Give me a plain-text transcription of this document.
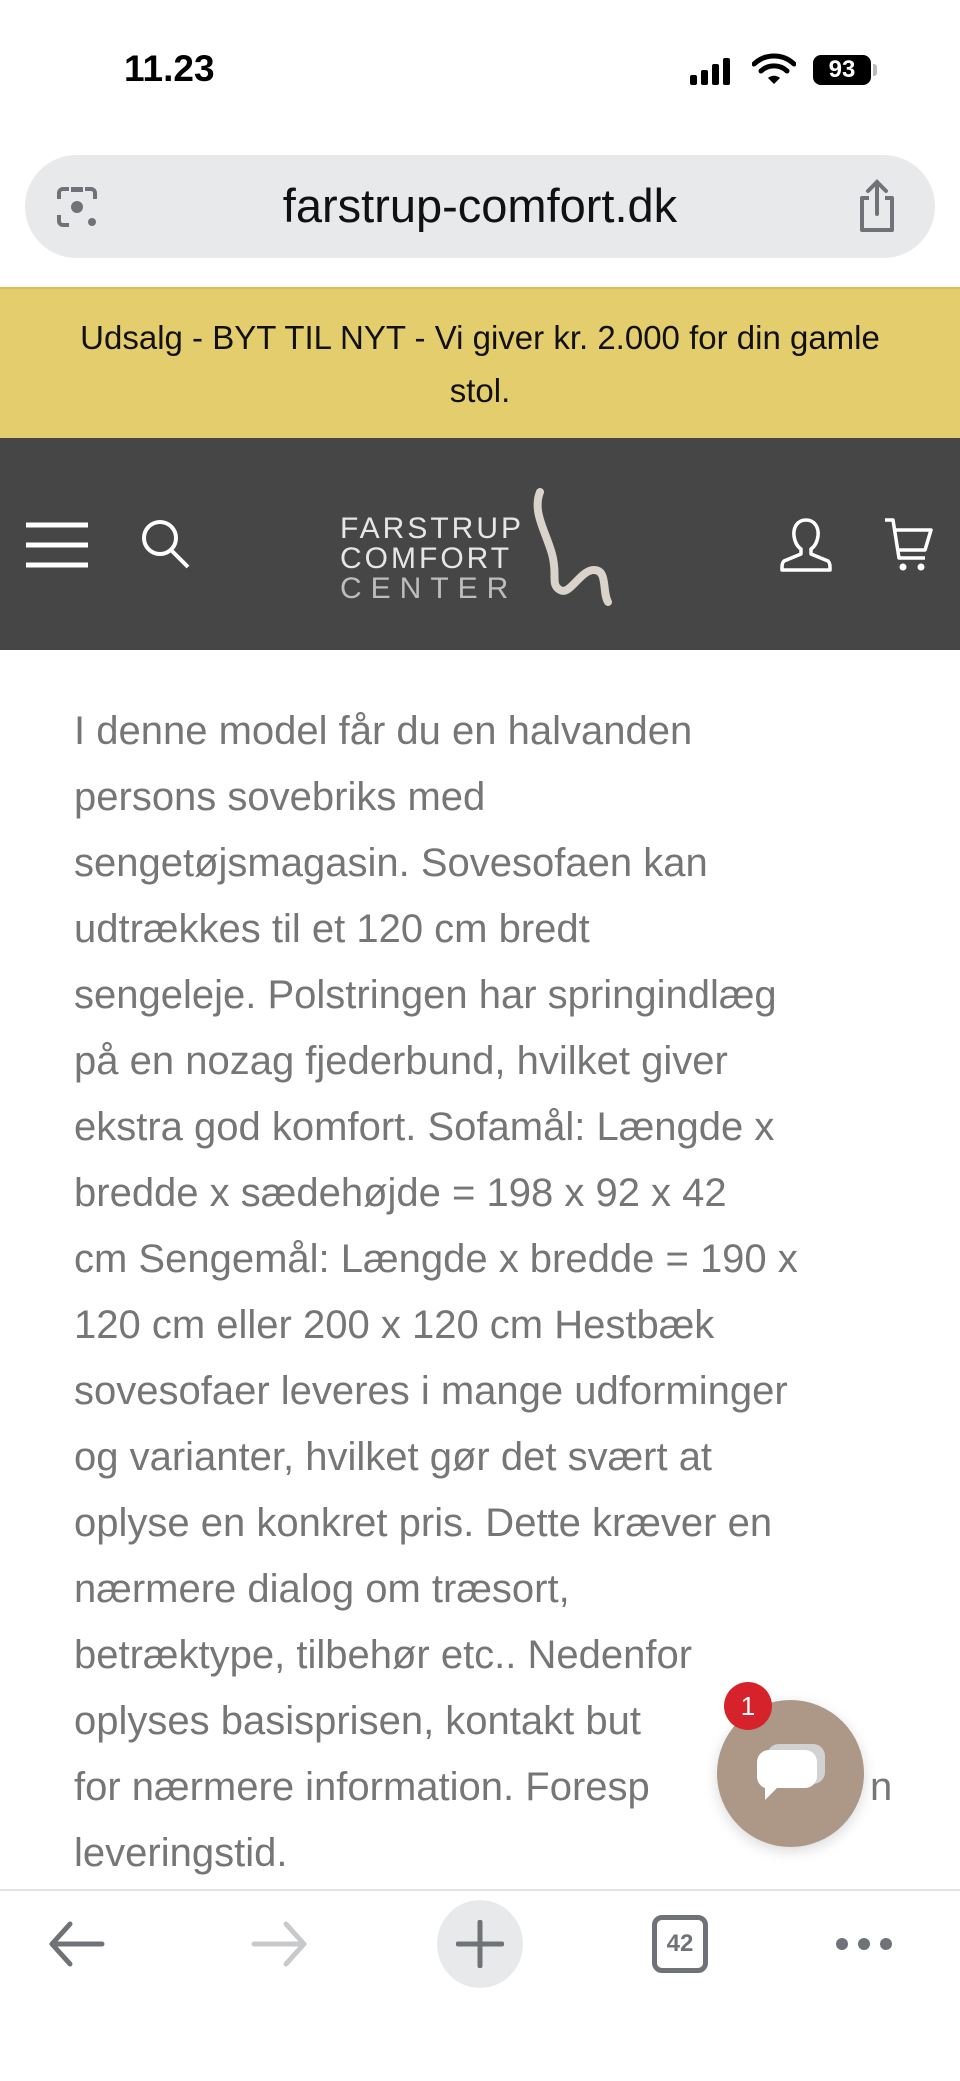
11.23	93
farstrup-comfort.dk
Udsalg - BYT TIL NYT - Vi giver kr. 2.000 for din gamle stol.
FARSTRUP
COMFORT
CENTER
I denne model får du en halvanden
persons sovebriks med
sengetøjsmagasin. Sovesofaen kan
udtrækkes til et 120 cm bredt
sengeleje. Polstringen har springindlæg
på en nozag fjederbund, hvilket giver
ekstra god komfort. Sofamål: Længde x
bredde x sædehøjde = 198 x 92 x 42
cm Sengemål: Længde x bredde = 190 x
120 cm eller 200 x 120 cm Hestbæk
sovesofaer leveres i mange udforminger
og varianter, hvilket gør det svært at
oplyse en konkret pris. Dette kræver en
nærmere dialog om træsort,
betræktype, tilbehør etc.. Nedenfor
oplyses basisprisen, kontakt but
for nærmere information. Foresp
leveringstid.
1
n
42
